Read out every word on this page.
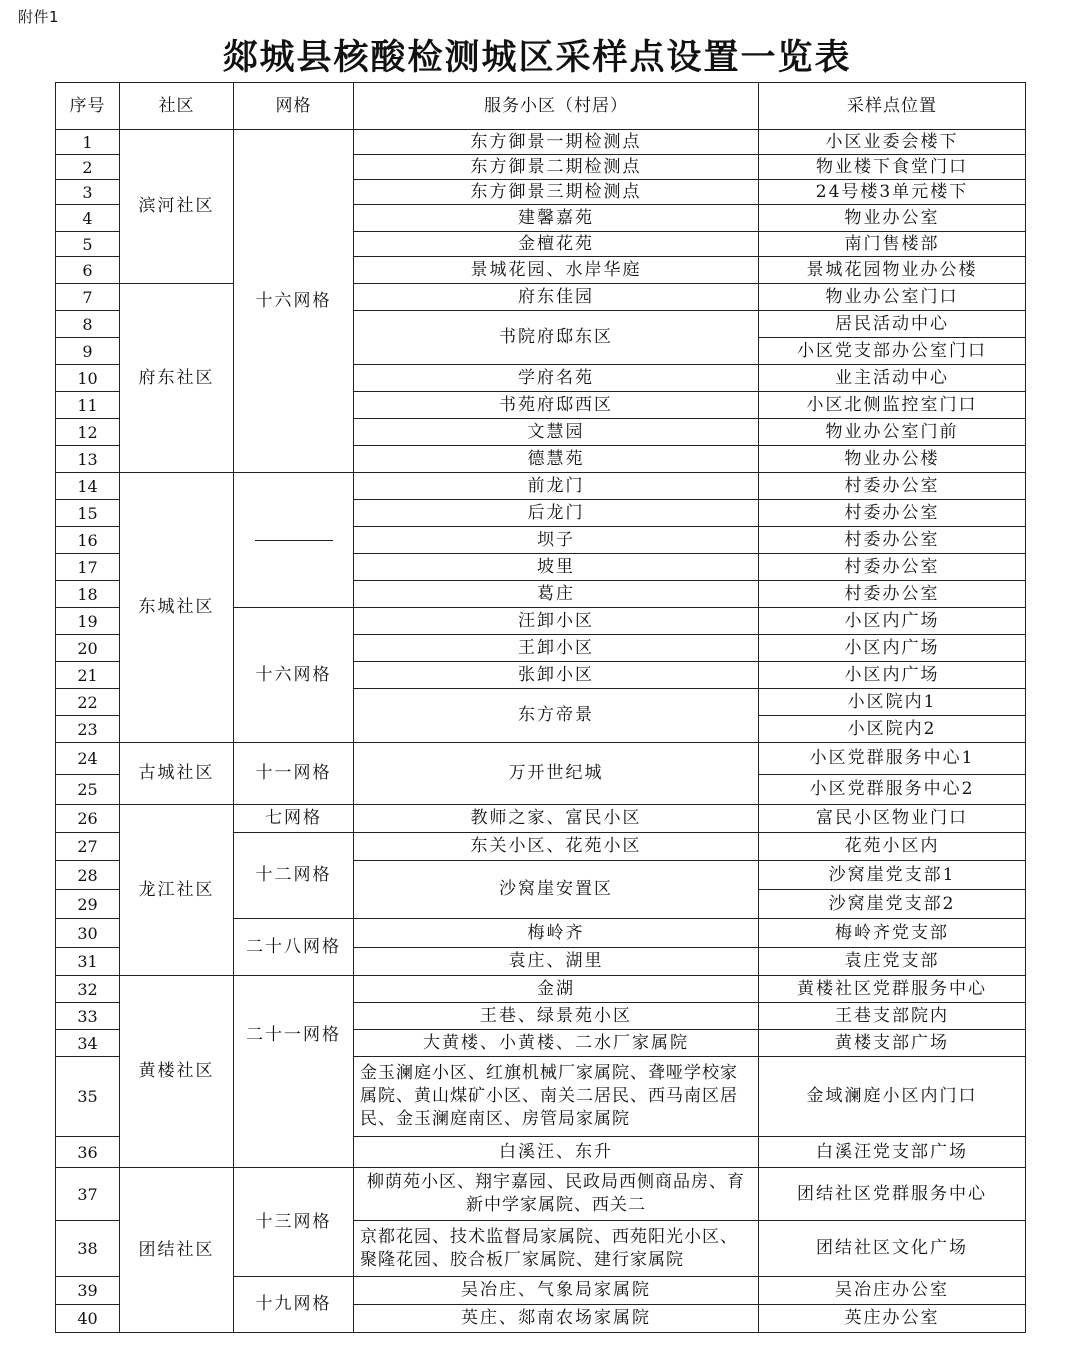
附件1
郯城县核酸检测城区采样点设置一览表
序号	社区	网格	服务小区（村居）	采样点位置
1	滨河社区	十六网格	东方御景一期检测点	小区业委会楼下
2			东方御景二期检测点	物业楼下食堂门口
3			东方御景三期检测点	24号楼3单元楼下
4			建馨嘉苑	物业办公室
5			金檀花苑	南门售楼部
6			景城花园、水岸华庭	景城花园物业办公楼
7	府东社区		府东佳园	物业办公室门口
8			书院府邸东区	居民活动中心
9				小区党支部办公室门口
10			学府名苑	业主活动中心
11			书苑府邸西区	小区北侧监控室门口
12			文慧园	物业办公室门前
13			德慧苑	物业办公楼
14	东城社区		前龙门	村委办公室
15			后龙门	村委办公室
16			坝子	村委办公室
17			坡里	村委办公室
18			葛庄	村委办公室
19		十六网格	汪卸小区	小区内广场
20			王卸小区	小区内广场
21			张卸小区	小区内广场
22			东方帝景	小区院内1
23				小区院内2
24	古城社区	十一网格	万开世纪城	小区党群服务中心1
25				小区党群服务中心2
26	龙江社区	七网格	教师之家、富民小区	富民小区物业门口
27		十二网格	东关小区、花苑小区	花苑小区内
28			沙窝崖安置区	沙窝崖党支部1
29				沙窝崖党支部2
30		二十八网格	梅岭齐	梅岭齐党支部
31			袁庄、湖里	袁庄党支部
32	黄楼社区	二十一网格	金湖	黄楼社区党群服务中心
33			王巷、绿景苑小区	王巷支部院内
34			大黄楼、小黄楼、二水厂家属院	黄楼支部广场
35			金玉澜庭小区、红旗机械厂家属院、聋哑学校家属院、黄山煤矿小区、南关二居民、西马南区居民、金玉澜庭南区、房管局家属院	金域澜庭小区内门口
36			白溪汪、东升	白溪汪党支部广场
37	团结社区	十三网格	柳荫苑小区、翔宇嘉园、民政局西侧商品房、育新中学家属院、西关二	团结社区党群服务中心
38			京都花园、技术监督局家属院、西苑阳光小区、聚隆花园、胶合板厂家属院、建行家属院	团结社区文化广场
39		十九网格	吴冶庄、气象局家属院	吴冶庄办公室
40			英庄、郯南农场家属院	英庄办公室
